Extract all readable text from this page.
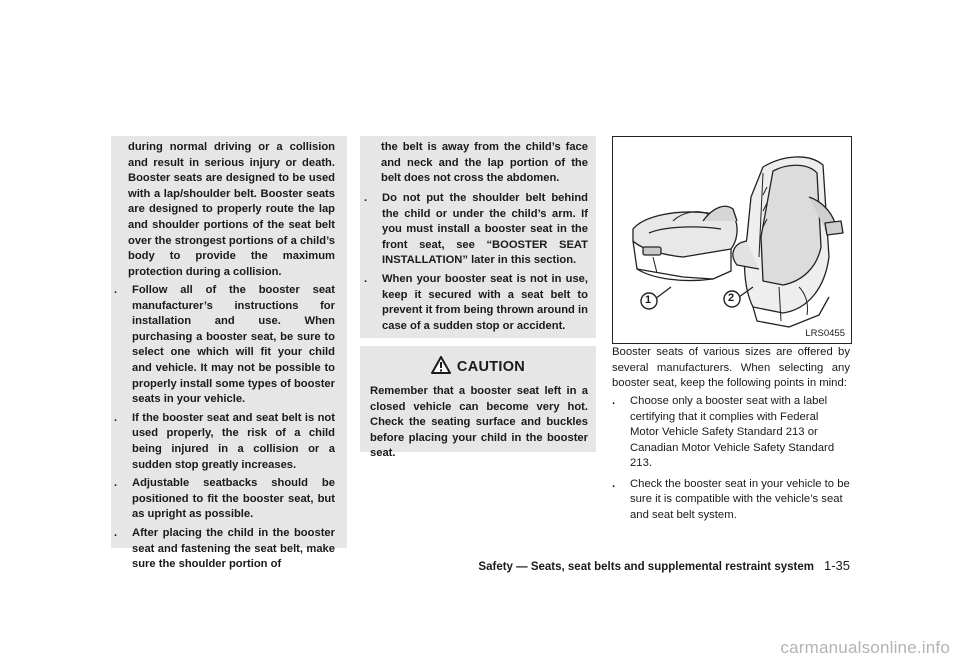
during normal driving or a collision and result in serious injury or death. Booster seats are designed to be used with a lap/shoulder belt. Booster seats are designed to properly route the lap and shoulder portions of the seat belt over the strongest portions of a child’s body to provide the maximum protection during a collision.

. Follow all of the booster seat manufacturer’s instructions for installation and use. When purchasing a booster seat, be sure to select one which will fit your child and vehicle. It may not be possible to properly install some types of booster seats in your vehicle.
. If the booster seat and seat belt is not used properly, the risk of a child being injured in a collision or a sudden stop greatly increases.
. Adjustable seatbacks should be positioned to fit the booster seat, but as upright as possible.
. After placing the child in the booster seat and fastening the seat belt, make sure the shoulder portion of

the belt is away from the child’s face and neck and the lap portion of the belt does not cross the abdomen.

. Do not put the shoulder belt behind the child or under the child’s arm. If you must install a booster seat in the front seat, see “BOOSTER SEAT INSTALLATION” later in this section.
. When your booster seat is not in use, keep it secured with a seat belt to prevent it from being thrown around in case of a sudden stop or accident.
CAUTION

Remember that a booster seat left in a closed vehicle can become very hot. Check the seating surface and buckles before placing your child in the booster seat.

1	2
LRS0455

Booster seats of various sizes are offered by several manufacturers. When selecting any booster seat, keep the following points in mind:

. Choose only a booster seat with a label certifying that it complies with Federal Motor Vehicle Safety Standard 213 or Canadian Motor Vehicle Safety Standard 213.
. Check the booster seat in your vehicle to be sure it is compatible with the vehicle’s seat and seat belt system.
Safety — Seats, seat belts and supplemental restraint system 1-35
carmanualsonline.info
